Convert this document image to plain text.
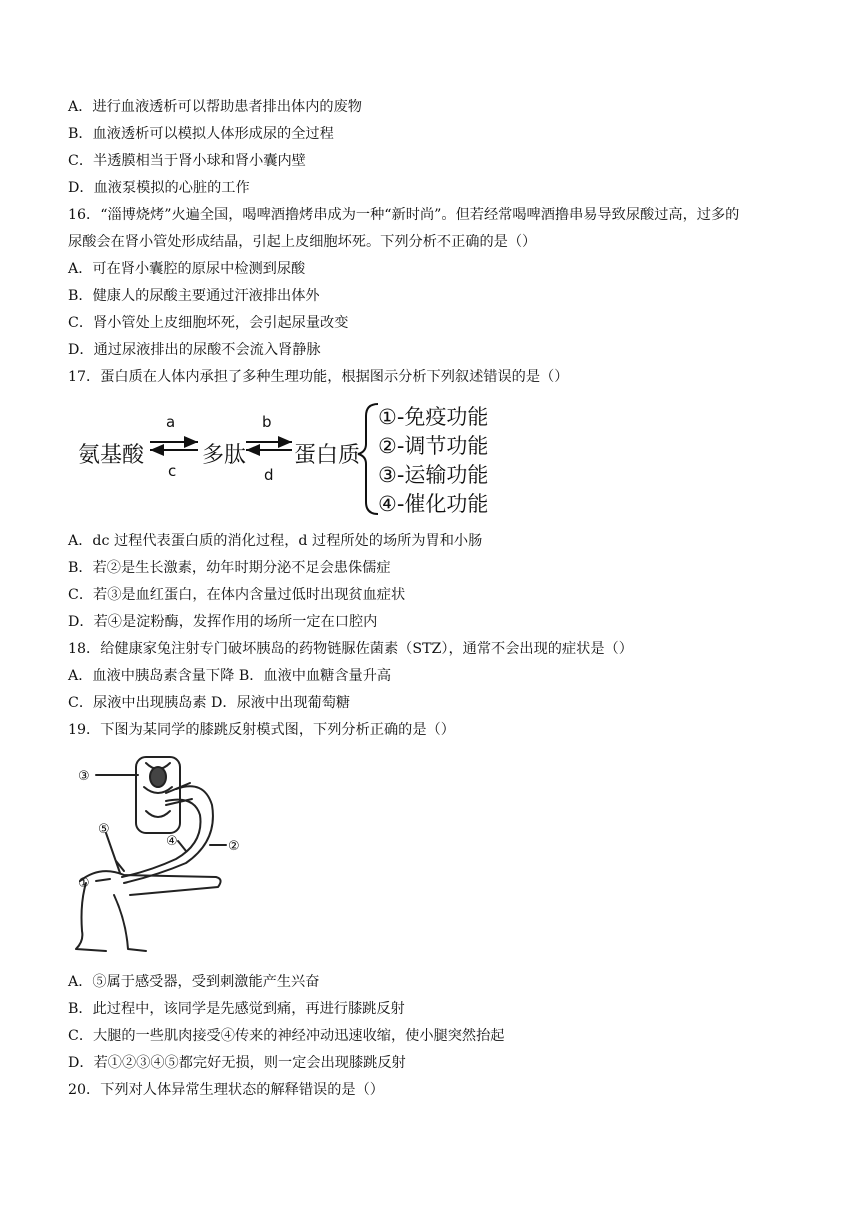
A．进行血液透析可以帮助患者排出体内的废物
B．血液透析可以模拟人体形成尿的全过程
C．半透膜相当于肾小球和肾小囊内壁
D．血液泵模拟的心脏的工作
16．“淄博烧烤”火遍全国，喝啤酒撸烤串成为一种“新时尚”。但若经常喝啤酒撸串易导致尿酸过高，过多的
尿酸会在肾小管处形成结晶，引起上皮细胞坏死。下列分析不正确的是（）
A．可在肾小囊腔的原尿中检测到尿酸
B．健康人的尿酸主要通过汗液排出体外
C．肾小管处上皮细胞坏死，会引起尿量改变
D．通过尿液排出的尿酸不会流入肾静脉
17．蛋白质在人体内承担了多种生理功能，根据图示分析下列叙述错误的是（）
氨基酸
a
c
多肽
b
d
蛋白质
①-免疫功能
②-调节功能
③-运输功能
④-催化功能
A．dc 过程代表蛋白质的消化过程，d 过程所处的场所为胃和小肠
B．若②是生长激素，幼年时期分泌不足会患侏儒症
C．若③是血红蛋白，在体内含量过低时出现贫血症状
D．若④是淀粉酶，发挥作用的场所一定在口腔内
18．给健康家兔注射专门破坏胰岛的药物链脲佐菌素（STZ），通常不会出现的症状是（）
A．血液中胰岛素含量下降 B．血液中血糖含量升高
C．尿液中出现胰岛素 D．尿液中出现葡萄糖
19．下图为某同学的膝跳反射模式图，下列分析正确的是（）
③
⑤
①
②
④
A．⑤属于感受器，受到刺激能产生兴奋
B．此过程中，该同学是先感觉到痛，再进行膝跳反射
C．大腿的一些肌肉接受④传来的神经冲动迅速收缩，使小腿突然抬起
D．若①②③④⑤都完好无损，则一定会出现膝跳反射
20．下列对人体异常生理状态的解释错误的是（）
